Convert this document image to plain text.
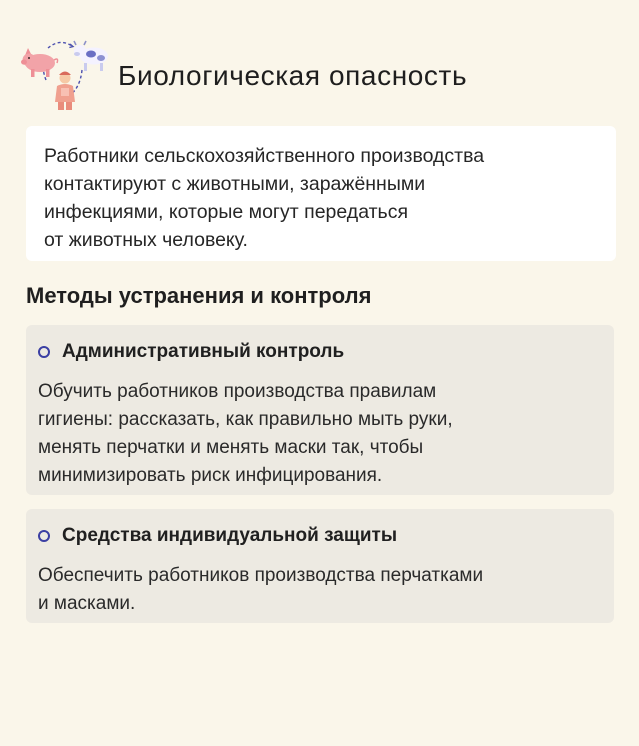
Биологическая опасность
Работники сельскохозяйственного производства
контактируют с животными, заражёнными
инфекциями, которые могут передаться
от животных человеку.
Методы устранения и контроля
Административный контроль
Обучить работников производства правилам
гигиены: рассказать, как правильно мыть руки,
менять перчатки и менять маски так, чтобы
минимизировать риск инфицирования.
Средства индивидуальной защиты
Обеспечить работников производства перчатками
и масками.
